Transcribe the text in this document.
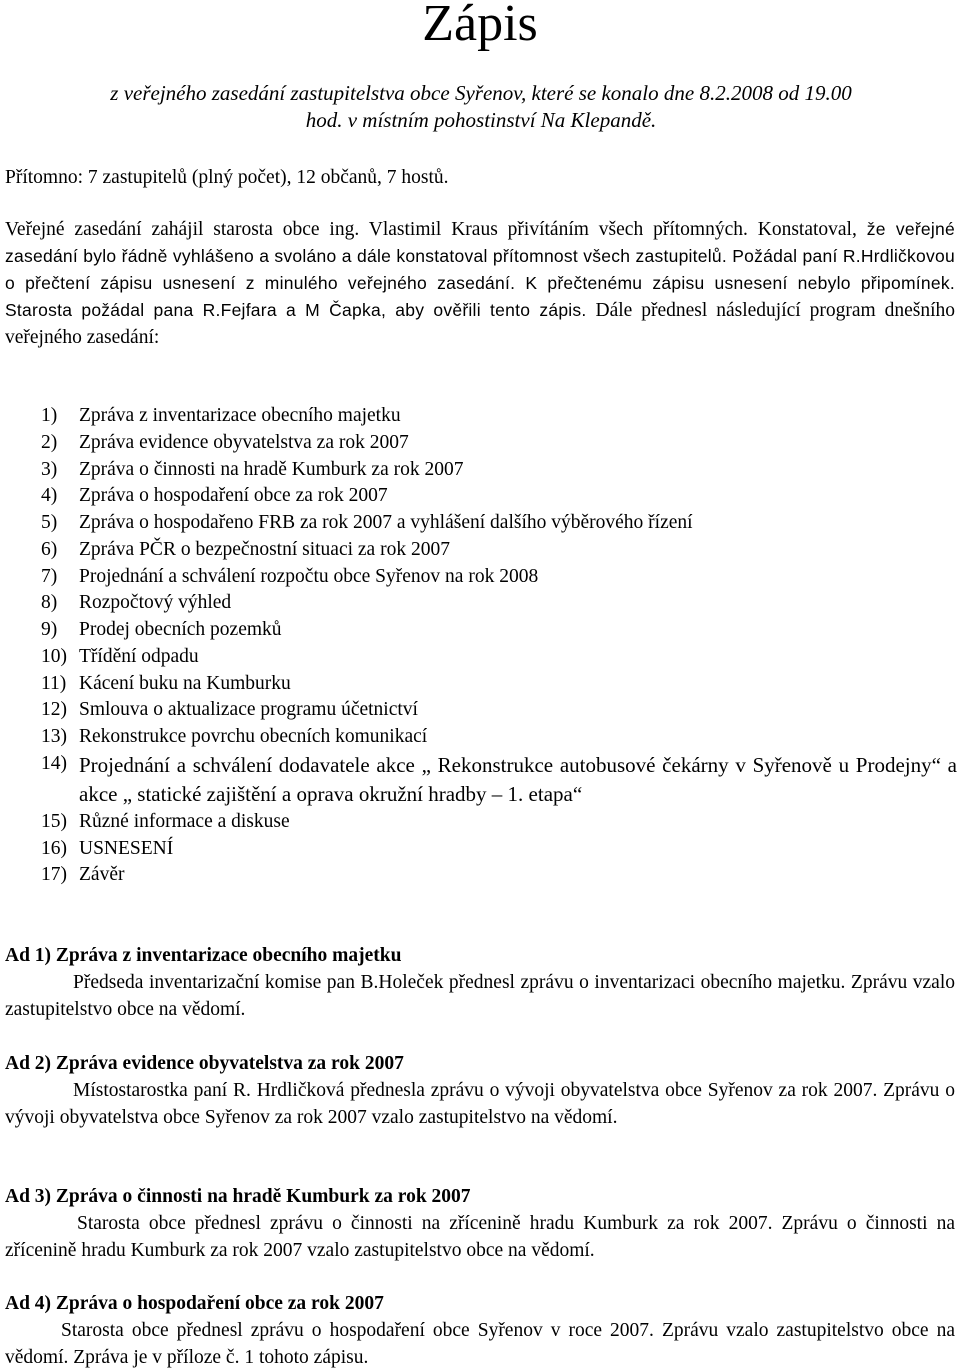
Zápis
z veřejného zasedání zastupitelstva obce Syřenov, které se konalo dne 8.2.2008 od 19.00
hod. v místním pohostinství Na Klepandě.
Přítomno: 7 zastupitelů (plný počet), 12 občanů, 7 hostů.
Veřejné zasedání zahájil starosta obce ing. Vlastimil Kraus přivítáním všech přítomných. Konstatoval, že veřejné zasedání bylo řádně vyhlášeno a svoláno a dále konstatoval přítomnost všech zastupitelů. Požádal paní R.Hrdličkovou o přečtení zápisu usnesení z minulého veřejného zasedání. K přečtenému zápisu usnesení nebylo připomínek. Starosta požádal pana R.Fejfara a M Čapka, aby ověřili tento zápis. Dále přednesl následující program dnešního veřejného zasedání:
1)	Zpráva z inventarizace obecního majetku
2)	Zpráva evidence obyvatelstva za rok 2007
3)	Zpráva o činnosti na hradě Kumburk za rok 2007
4)	Zpráva o hospodaření obce za rok 2007
5)	Zpráva o hospodařeno FRB za rok 2007 a vyhlášení dalšího výběrového řízení
6)	Zpráva PČR o bezpečnostní situaci za rok 2007
7)	Projednání a schválení rozpočtu obce Syřenov na rok 2008
8)	Rozpočtový výhled
9)	Prodej obecních pozemků
10) Třídění odpadu
11) Kácení buku na Kumburku
12) Smlouva o aktualizace programu účetnictví
13) Rekonstrukce povrchu obecních komunikací
14) Projednání a schválení dodavatele akce „ Rekonstrukce autobusové čekárny v Syřenově u Prodejny“ a akce „ statické zajištění a oprava okružní hradby – 1. etapa“
15) Různé informace a diskuse
16) USNESENÍ
17) Závěr
Ad 1) Zpráva z inventarizace obecního majetku

Předseda inventarizační komise pan B.Holeček přednesl zprávu o inventarizaci obecního majetku. Zprávu vzalo zastupitelstvo obce na vědomí.

Ad 2) Zpráva evidence obyvatelstva za rok 2007

Místostarostka paní R. Hrdličková přednesla zprávu o vývoji obyvatelstva obce Syřenov za rok 2007. Zprávu o vývoji obyvatelstva obce Syřenov za rok 2007 vzalo zastupitelstvo na vědomí.

Ad 3) Zpráva o činnosti na hradě Kumburk za rok 2007

Starosta obce přednesl zprávu o činnosti na zřícenině hradu Kumburk za rok 2007. Zprávu o činnosti na zřícenině hradu Kumburk za rok 2007 vzalo zastupitelstvo obce na vědomí.

Ad 4) Zpráva o hospodaření obce za rok 2007

Starosta obce přednesl zprávu o hospodaření obce Syřenov v roce 2007. Zprávu vzalo zastupitelstvo obce na vědomí. Zpráva je v příloze č. 1 tohoto zápisu.
